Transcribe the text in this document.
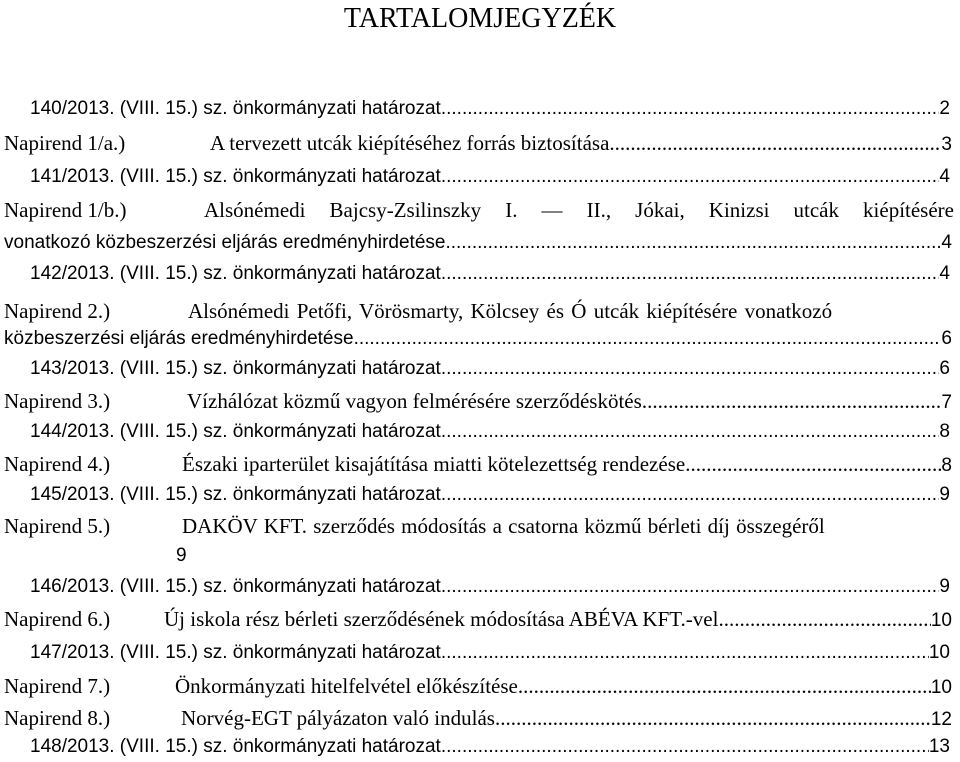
TARTALOMJEGYZÉK
140/2013. (VIII. 15.) sz. önkormányzati határozat .....	2
Napirend 1/a.)	A tervezett utcák kiépítéséhez forrás biztosítása .....	3
141/2013. (VIII. 15.) sz. önkormányzati határozat .....	4
Napirend 1/b.)	Alsónémedi Bajcsy-Zsilinszky I. — II., Jókai, Kinizsi utcák kiépítésére
vonatkozó közbeszerzési eljárás eredményhirdetése .....	4
142/2013. (VIII. 15.) sz. önkormányzati határozat .....	4
Napirend 2.)	Alsónémedi Petőfi, Vörösmarty, Kölcsey és Ó utcák kiépítésére vonatkozó
közbeszerzési eljárás eredményhirdetése .....	6
143/2013. (VIII. 15.) sz. önkormányzati határozat .....	6
Napirend 3.)	Vízhálózat közmű vagyon felmérésére szerződéskötés .....	7
144/2013. (VIII. 15.) sz. önkormányzati határozat .....	8
Napirend 4.)	Északi iparterület kisajátítása miatti kötelezettség rendezése .....	8
145/2013. (VIII. 15.) sz. önkormányzati határozat .....	9
Napirend 5.)	DAKÖV KFT. szerződés módosítás a csatorna közmű bérleti díj összegéről
9
146/2013. (VIII. 15.) sz. önkormányzati határozat .....	9
Napirend 6.)	Új iskola rész bérleti szerződésének módosítása ABÉVA KFT.-vel .....	10
147/2013. (VIII. 15.) sz. önkormányzati határozat .....	10
Napirend 7.)	Önkormányzati hitelfelvétel előkészítése .....	10
Napirend 8.)	Norvég-EGT pályázaton való indulás .....	12
148/2013. (VIII. 15.) sz. önkormányzati határozat .....	13
